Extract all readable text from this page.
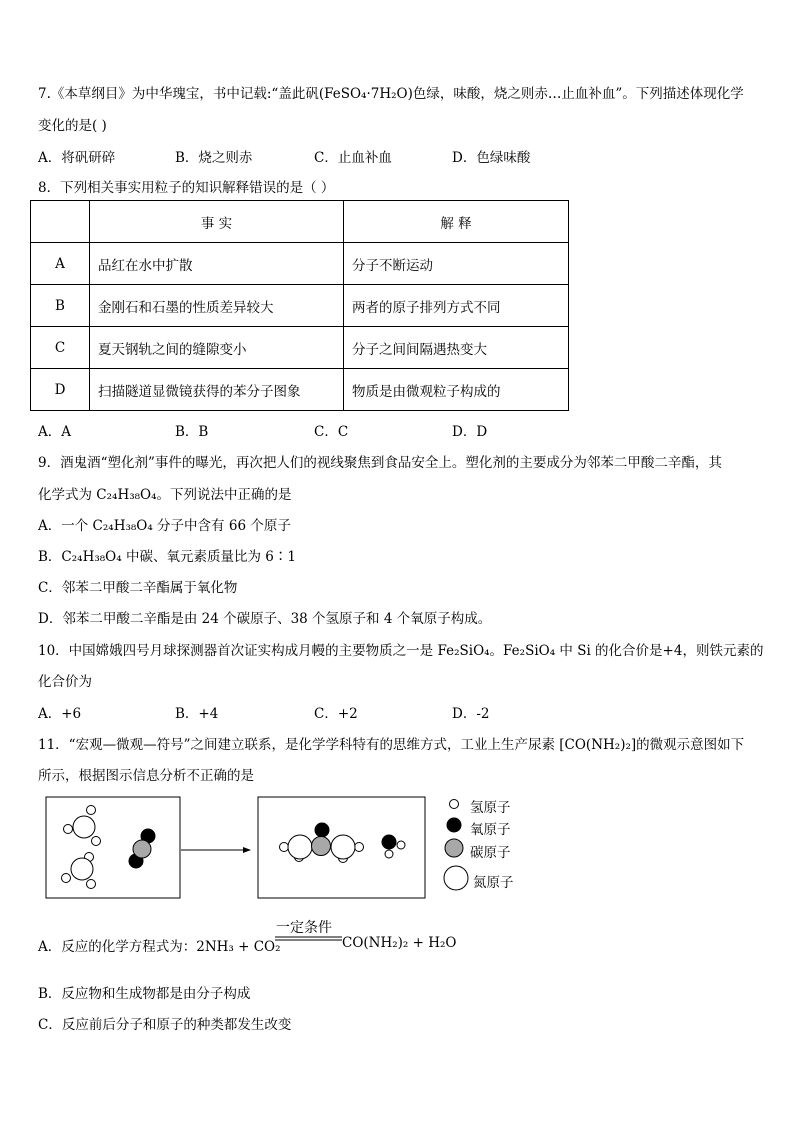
7.《本草纲目》为中华瑰宝，书中记载:“盖此矾(FeSO₄·7H₂O)色绿，味酸，烧之则赤…止血补血”。下列描述体现化学
变化的是( )
A．将矾研碎	B．烧之则赤	C．止血补血	D．色绿味酸
8．下列相关事实用粒子的知识解释错误的是（ ）
	事 实	解 释
A	品红在水中扩散	分子不断运动
B	金刚石和石墨的性质差异较大	两者的原子排列方式不同
C	夏天钢轨之间的缝隙变小	分子之间间隔遇热变大
D	扫描隧道显微镜获得的苯分子图象	物质是由微观粒子构成的
A．A	B．B	C．C	D．D
9．酒鬼酒“塑化剂”事件的曝光，再次把人们的视线聚焦到食品安全上。塑化剂的主要成分为邻苯二甲酸二辛酯，其
化学式为 C₂₄H₃₈O₄。下列说法中正确的是
A．一个 C₂₄H₃₈O₄ 分子中含有 66 个原子
B．C₂₄H₃₈O₄ 中碳、氧元素质量比为 6∶1
C．邻苯二甲酸二辛酯属于氧化物
D．邻苯二甲酸二辛酯是由 24 个碳原子、38 个氢原子和 4 个氧原子构成。
10．中国嫦娥四号月球探测器首次证实构成月幔的主要物质之一是 Fe₂SiO₄。Fe₂SiO₄ 中 Si 的化合价是+4，则铁元素的
化合价为
A．+6	B．+4	C．+2	D．-2
11．“宏观—微观—符号”之间建立联系，是化学学科特有的思维方式，工业上生产尿素 [CO(NH₂)₂]的微观示意图如下
所示，根据图示信息分析不正确的是
氢原子
氧原子
碳原子
氮原子
A．反应的化学方程式为：2NH₃ + CO₂
一定条件
CO(NH₂)₂ + H₂O
B．反应物和生成物都是由分子构成
C．反应前后分子和原子的种类都发生改变
